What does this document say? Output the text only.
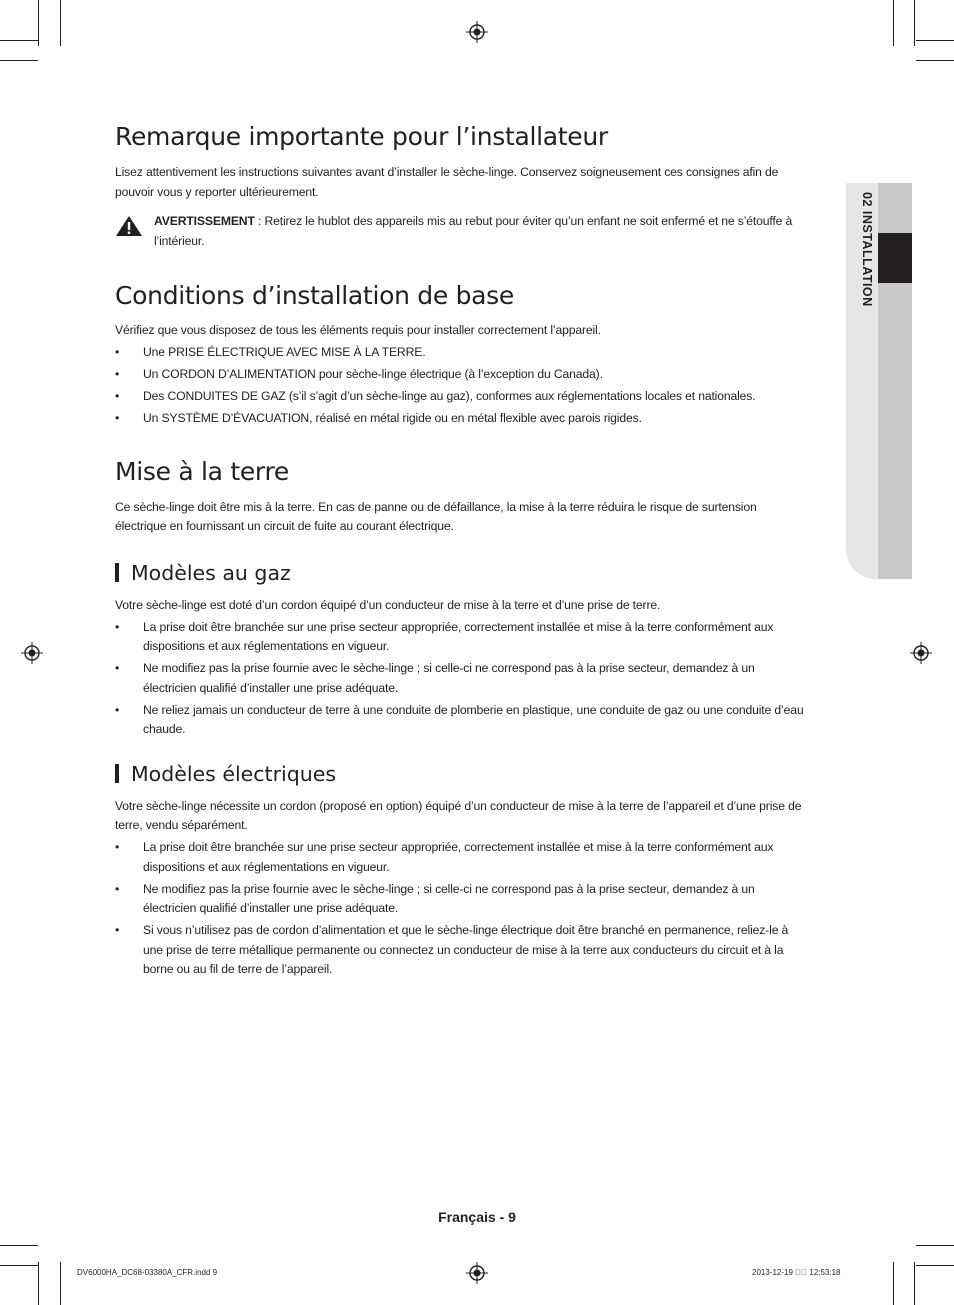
02 INSTALLATION
Remarque importante pour l’installateur

Lisez attentivement les instructions suivantes avant d’installer le sèche-linge. Conservez soigneusement ces consignes afin de pouvoir vous y reporter ultérieurement.

AVERTISSEMENT : Retirez le hublot des appareils mis au rebut pour éviter qu’un enfant ne soit enfermé et ne s’étouffe à l’intérieur.
Conditions d’installation de base

Vérifiez que vous disposez de tous les éléments requis pour installer correctement l’appareil.

• Une PRISE ÉLECTRIQUE AVEC MISE À LA TERRE.
• Un CORDON D’ALIMENTATION pour sèche-linge électrique (à l’exception du Canada).
• Des CONDUITES DE GAZ (s’il s’agit d’un sèche-linge au gaz), conformes aux réglementations locales et nationales.
• Un SYSTÈME D’ÉVACUATION, réalisé en métal rigide ou en métal flexible avec parois rigides.
Mise à la terre

Ce sèche-linge doit être mis à la terre. En cas de panne ou de défaillance, la mise à la terre réduira le risque de surtension électrique en fournissant un circuit de fuite au courant électrique.

Modèles au gaz

Votre sèche-linge est doté d’un cordon équipé d’un conducteur de mise à la terre et d’une prise de terre.

• La prise doit être branchée sur une prise secteur appropriée, correctement installée et mise à la terre conformément aux dispositions et aux réglementations en vigueur.
• Ne modifiez pas la prise fournie avec le sèche-linge ; si celle-ci ne correspond pas à la prise secteur, demandez à un électricien qualifié d’installer une prise adéquate.
• Ne reliez jamais un conducteur de terre à une conduite de plomberie en plastique, une conduite de gaz ou une conduite d’eau chaude.
Modèles électriques

Votre sèche-linge nécessite un cordon (proposé en option) équipé d’un conducteur de mise à la terre de l’appareil et d’une prise de terre, vendu séparément.

• La prise doit être branchée sur une prise secteur appropriée, correctement installée et mise à la terre conformément aux dispositions et aux réglementations en vigueur.
• Ne modifiez pas la prise fournie avec le sèche-linge ; si celle-ci ne correspond pas à la prise secteur, demandez à un électricien qualifié d’installer une prise adéquate.
• Si vous n’utilisez pas de cordon d’alimentation et que le sèche-linge électrique doit être branché en permanence, reliez-le à une prise de terre métallique permanente ou connectez un conducteur de mise à la terre aux conducteurs du circuit et à la borne ou au fil de terre de l’appareil.
Français - 9
DV6000HA_DC68-03380A_CFR.indd 9	2013-12-19 ￿￿ 12:53:18
